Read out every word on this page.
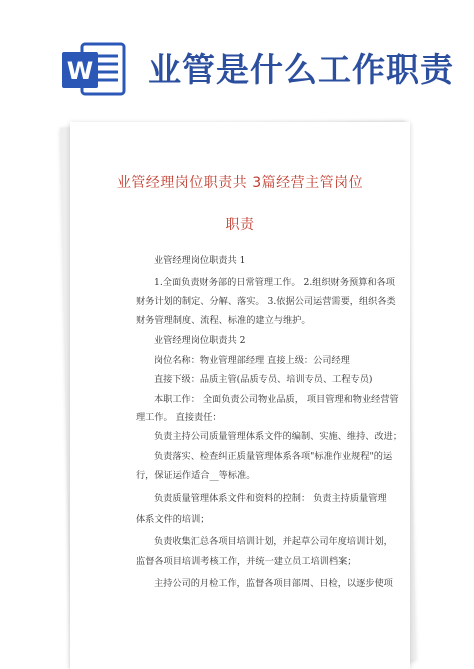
W 业管是什么工作职责
业管经理岗位职责共 3篇经营主管岗位
职责
业管经理岗位职责共 1
1.全面负责财务部的日常管理工作。 2.组织财务预算和各项
财务计划的制定、分解、落实。 3.依据公司运营需要，组织各类
财务管理制度、流程、标准的建立与维护。
业管经理岗位职责共 2
岗位名称：物业管理部经理 直接上级：公司经理
直接下级：品质主管(品质专员、培训专员、工程专员)
本职工作： 全面负责公司物业品质， 项目管理和物业经营管
理工作。 直接责任：
负责主持公司质量管理体系文件的编制、实施、维持、改进；
负责落实、检查纠正质量管理体系各项"标准作业规程"的运
行，保证运作适合__等标准。
负责质量管理体系文件和资料的控制： 负责主持质量管理
体系文件的培训；
负责收集汇总各项目培训计划，并起草公司年度培训计划，
监督各项目培训考核工作，并统一建立员工培训档案；
主持公司的月检工作，监督各项目部周、日检，以逐步使项
